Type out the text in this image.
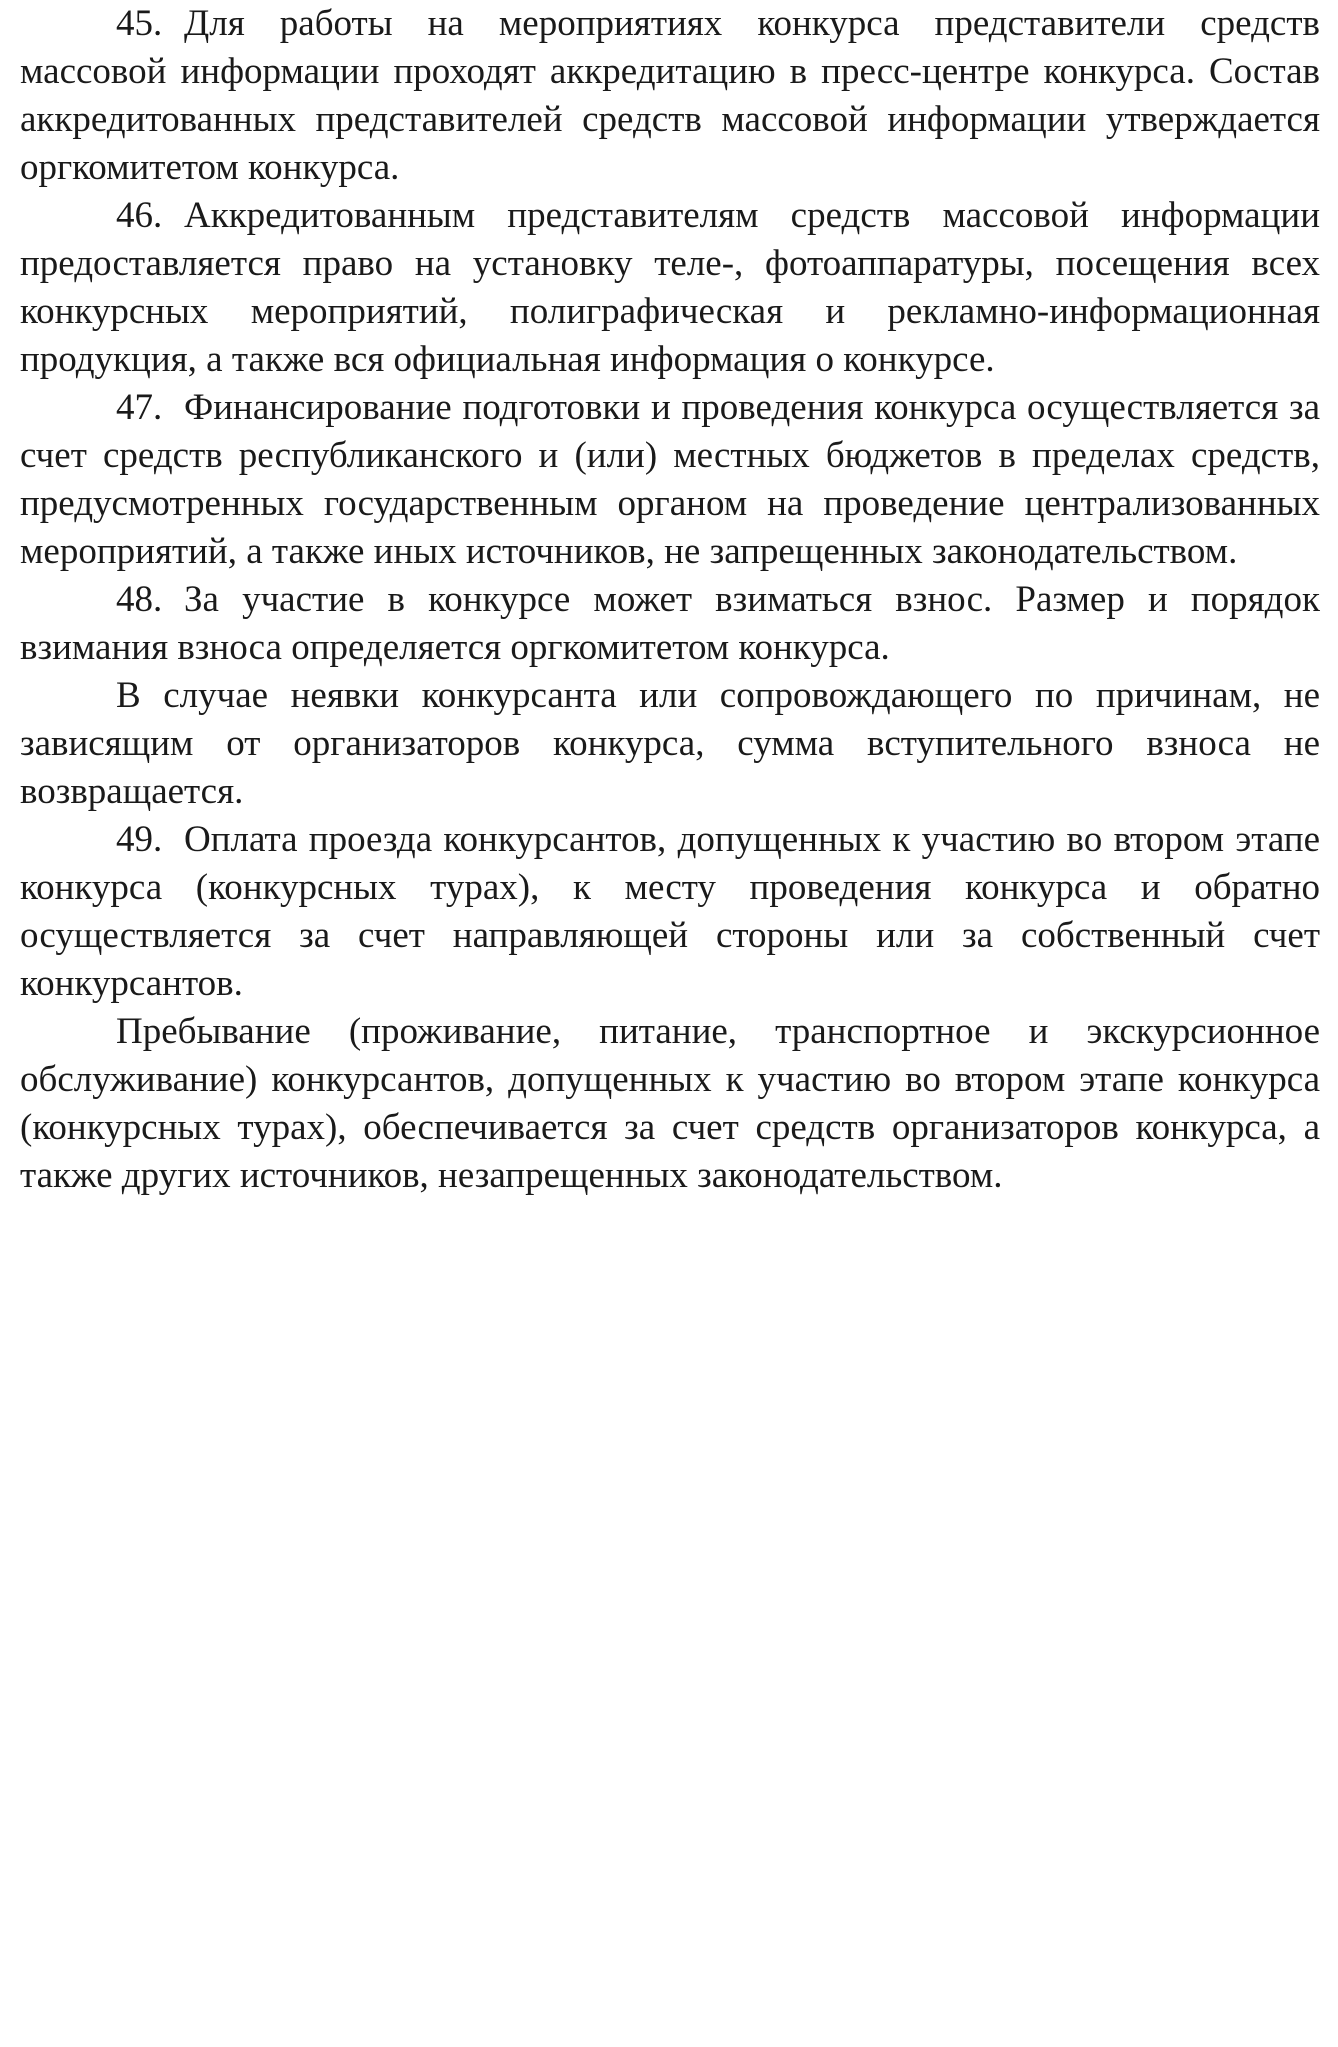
45. Для работы на мероприятиях конкурса представители средств массовой информации проходят аккредитацию в пресс-центре конкурса. Состав аккредитованных представителей средств массовой информации утверждается оргкомитетом конкурса.

46. Аккредитованным представителям средств массовой информации предоставляется право на установку теле-, фотоаппаратуры, посещения всех конкурсных мероприятий, полиграфическая и рекламно-информационная продукция, а также вся официальная информация о конкурсе.

47. Финансирование подготовки и проведения конкурса осуществляется за счет средств республиканского и (или) местных бюджетов в пределах средств, предусмотренных государственным органом на проведение централизованных мероприятий, а также иных источников, не запрещенных законодательством.

48. За участие в конкурсе может взиматься взнос. Размер и порядок взимания взноса определяется оргкомитетом конкурса.

В случае неявки конкурсанта или сопровождающего по причинам, не зависящим от организаторов конкурса, сумма вступительного взноса не возвращается.

49. Оплата проезда конкурсантов, допущенных к участию во втором этапе конкурса (конкурсных турах), к месту проведения конкурса и обратно осуществляется за счет направляющей стороны или за собственный счет конкурсантов.

Пребывание (проживание, питание, транспортное и экскурсионное обслуживание) конкурсантов, допущенных к участию во втором этапе конкурса (конкурсных турах), обеспечивается за счет средств организаторов конкурса, а также других источников, незапрещенных законодательством.
